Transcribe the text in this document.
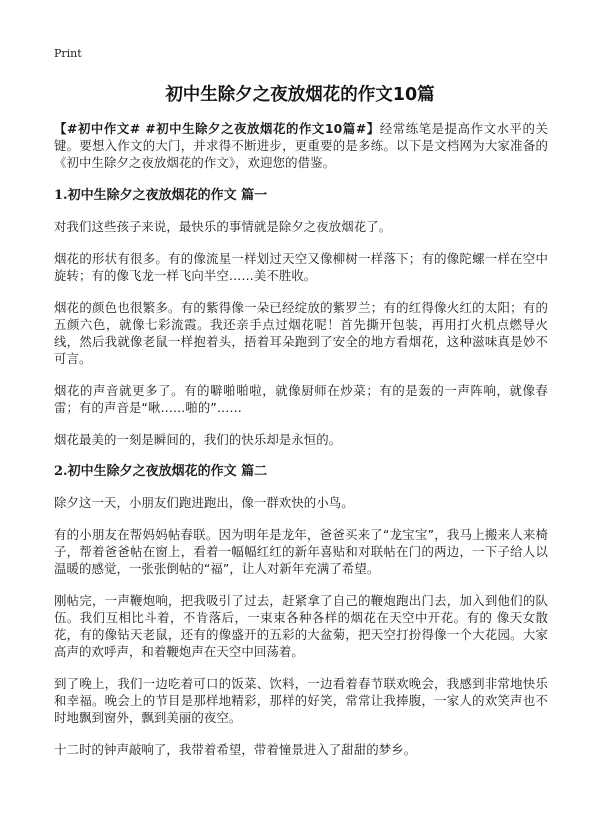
Print
初中生除夕之夜放烟花的作文10篇

【#初中作文# #初中生除夕之夜放烟花的作文10篇#】经常练笔是提高作文水平的关键。要想入作文的大门，并求得不断进步，更重要的是多练。以下是文档网为大家准备的《初中生除夕之夜放烟花的作文》，欢迎您的借鉴。

1.初中生除夕之夜放烟花的作文 篇一

对我们这些孩子来说，最快乐的事情就是除夕之夜放烟花了。

烟花的形状有很多。有的像流星一样划过天空又像柳树一样落下；有的像陀螺一样在空中旋转；有的像飞龙一样飞向半空……美不胜收。

烟花的颜色也很繁多。有的紫得像一朵已经绽放的紫罗兰；有的红得像火红的太阳；有的五颜六色，就像七彩流霞。我还亲手点过烟花呢！首先撕开包装，再用打火机点燃导火线，然后我就像老鼠一样抱着头，捂着耳朵跑到了安全的地方看烟花，这种滋味真是妙不可言。

烟花的声音就更多了。有的噼啪啪啦，就像厨师在炒菜；有的是轰的一声阵响，就像春雷；有的声音是“啾……啪的”……

烟花最美的一刻是瞬间的，我们的快乐却是永恒的。

2.初中生除夕之夜放烟花的作文 篇二

除夕这一天，小朋友们跑进跑出，像一群欢快的小鸟。

有的小朋友在帮妈妈帖春联。因为明年是龙年，爸爸买来了“龙宝宝”，我马上搬来人来椅子，帮着爸爸帖在窗上，看着一幅幅红红的新年喜贴和对联帖在门的两边，一下子给人以温暖的感觉，一张张倒帖的“福”，让人对新年充满了希望。

刚帖完，一声鞭炮响，把我吸引了过去，赶紧拿了自己的鞭炮跑出门去，加入到他们的队伍。我们互相比斗着，不肯落后，一束束各种各样的烟花在天空中开花。有的 像天女散花，有的像钻天老鼠，还有的像盛开的五彩的大盆菊，把天空打扮得像一个大花园。大家高声的欢呼声，和着鞭炮声在天空中回荡着。

到了晚上，我们一边吃着可口的饭菜、饮料，一边看着春节联欢晚会，我感到非常地快乐和幸福。晚会上的节目是那样地精彩，那样的好笑，常常让我捧腹，一家人的欢笑声也不时地飘到窗外，飘到美丽的夜空。

十二时的钟声敲响了，我带着希望，带着憧景进入了甜甜的梦乡。
